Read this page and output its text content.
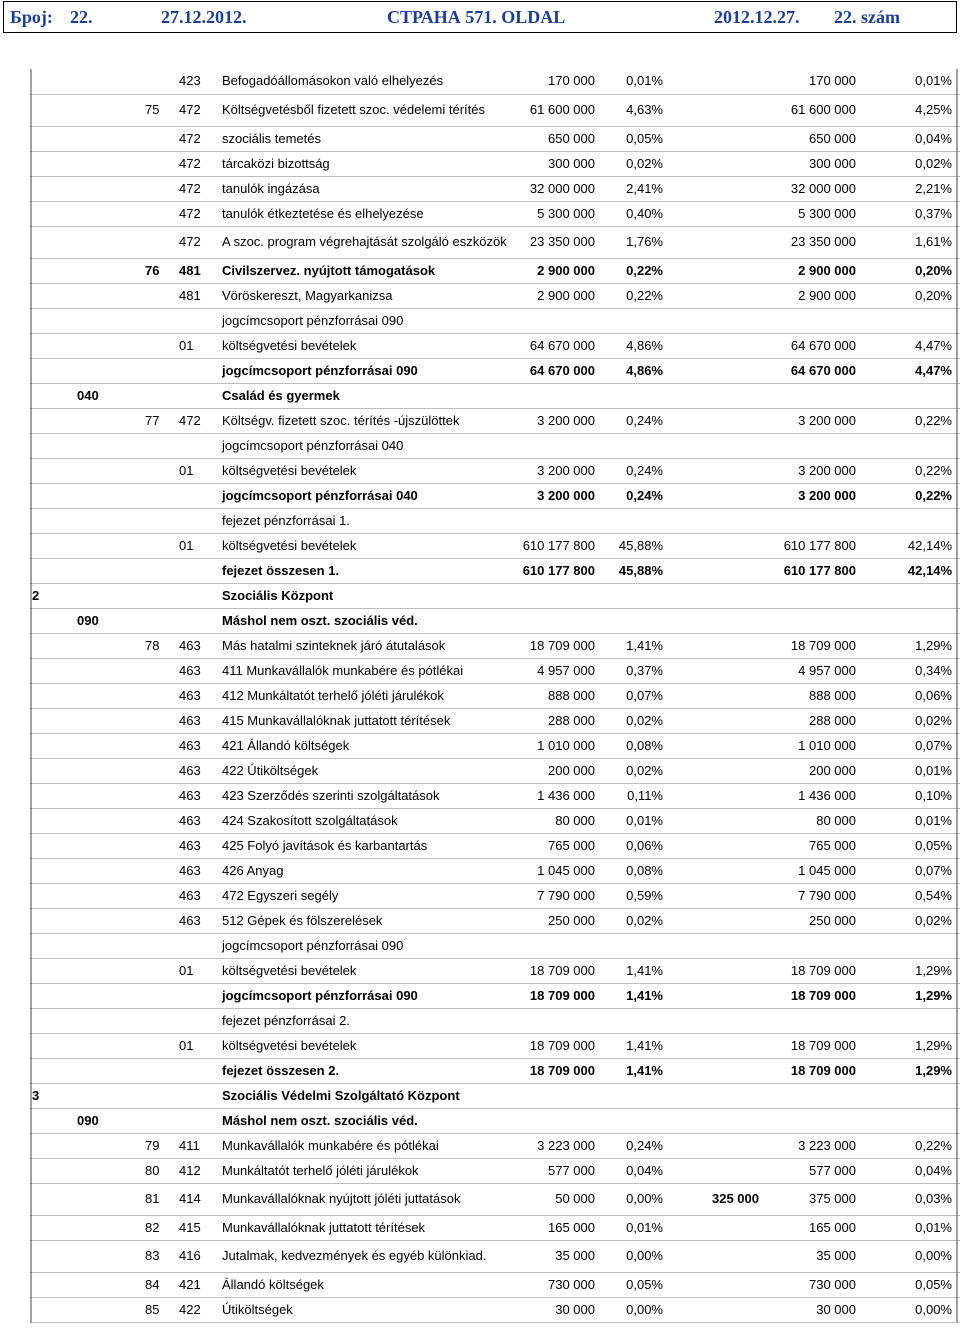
Број: 22.	27.12.2012.	СТРАНА 571. OLDAL	2012.12.27. 22. szám
			423	Befogadóállomásokon való elhelyezés	170 000	0,01%		170 000	0,01%
		75	472	Költségvetésből fizetett szoc. védelemi térítés	61 600 000	4,63%		61 600 000	4,25%
			472	szociális temetés	650 000	0,05%		650 000	0,04%
			472	tárcaközi bizottság	300 000	0,02%		300 000	0,02%
			472	tanulók ingázása	32 000 000	2,41%		32 000 000	2,21%
			472	tanulók étkeztetése és elhelyezése	5 300 000	0,40%		5 300 000	0,37%
			472	A szoc. program végrehajtását szolgáló eszközök	23 350 000	1,76%		23 350 000	1,61%
		76	481	Civilszervez. nyújtott támogatások	2 900 000	0,22%		2 900 000	0,20%
			481	Vöröskereszt, Magyarkanizsa	2 900 000	0,22%		2 900 000	0,20%
				jogcímcsoport pénzforrásai 090					
			01	költségvetési bevételek	64 670 000	4,86%		64 670 000	4,47%
				jogcímcsoport pénzforrásai 090	64 670 000	4,86%		64 670 000	4,47%
	040			Család és gyermek					
		77	472	Költségv. fizetett szoc. térítés -újszülöttek	3 200 000	0,24%		3 200 000	0,22%
				jogcímcsoport pénzforrásai 040					
			01	költségvetési bevételek	3 200 000	0,24%		3 200 000	0,22%
				jogcímcsoport pénzforrásai 040	3 200 000	0,24%		3 200 000	0,22%
				fejezet pénzforrásai 1.					
			01	költségvetési bevételek	610 177 800	45,88%		610 177 800	42,14%
				fejezet összesen 1.	610 177 800	45,88%		610 177 800	42,14%
2				Szociális Központ					
	090			Máshol nem oszt. szociális véd.					
		78	463	Más hatalmi szinteknek járó átutalások	18 709 000	1,41%		18 709 000	1,29%
			463	411 Munkavállalók munkabére és pótlékai	4 957 000	0,37%		4 957 000	0,34%
			463	412 Munkáltatót terhelő jóléti járulékok	888 000	0,07%		888 000	0,06%
			463	415 Munkavállalóknak juttatott térítések	288 000	0,02%		288 000	0,02%
			463	421 Állandó költségek	1 010 000	0,08%		1 010 000	0,07%
			463	422 Útiköltségek	200 000	0,02%		200 000	0,01%
			463	423 Szerződés szerinti szolgáltatások	1 436 000	0,11%		1 436 000	0,10%
			463	424 Szakosított szolgáltatások	80 000	0,01%		80 000	0,01%
			463	425 Folyó javítások és karbantartás	765 000	0,06%		765 000	0,05%
			463	426 Anyag	1 045 000	0,08%		1 045 000	0,07%
			463	472 Egyszeri segély	7 790 000	0,59%		7 790 000	0,54%
			463	512 Gépek és fölszerelések	250 000	0,02%		250 000	0,02%
				jogcímcsoport pénzforrásai 090					
			01	költségvetési bevételek	18 709 000	1,41%		18 709 000	1,29%
				jogcímcsoport pénzforrásai 090	18 709 000	1,41%		18 709 000	1,29%
				fejezet pénzforrásai 2.					
			01	költségvetési bevételek	18 709 000	1,41%		18 709 000	1,29%
				fejezet összesen 2.	18 709 000	1,41%		18 709 000	1,29%
3				Szociális Védelmi Szolgáltató Központ					
	090			Máshol nem oszt. szociális véd.					
		79	411	Munkavállalók munkabére és pótlékai	3 223 000	0,24%		3 223 000	0,22%
		80	412	Munkáltatót terhelő jóléti járulékok	577 000	0,04%		577 000	0,04%
		81	414	Munkavállalóknak nyújtott jóléti juttatások	50 000	0,00%	325 000	375 000	0,03%
		82	415	Munkavállalóknak juttatott térítések	165 000	0,01%		165 000	0,01%
		83	416	Jutalmak, kedvezmények és egyéb különkiad.	35 000	0,00%		35 000	0,00%
		84	421	Állandó költségek	730 000	0,05%		730 000	0,05%
		85	422	Útiköltségek	30 000	0,00%		30 000	0,00%
